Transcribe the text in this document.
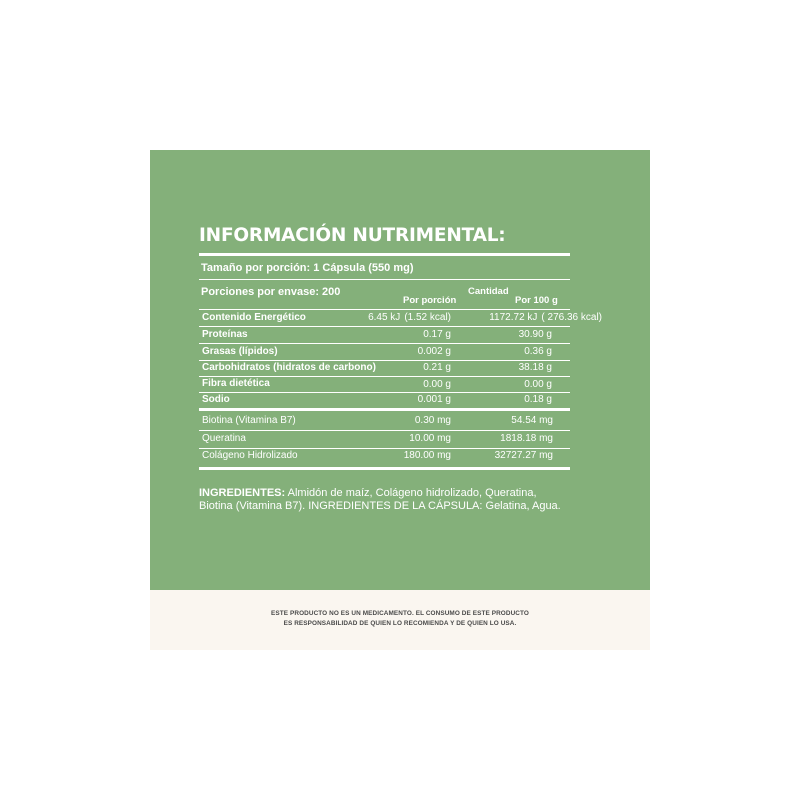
INFORMACIÓN NUTRIMENTAL:
Tamaño por porción: 1 Cápsula (550 mg)
Porciones por envase: 200	Cantidad
Por porción	Por 100 g
Contenido Energético	6.45 kJ (1.52 kcal)	1172.72 kJ ( 276.36 kcal)
Proteínas	0.17 g	30.90 g
Grasas (lípidos)	0.002 g	0.36 g
Carbohidratos (hidratos de carbono)	0.21 g	38.18 g
Fibra dietética	0.00 g	0.00 g
Sodio	0.001 g	0.18 g
Biotina (Vitamina B7)	0.30 mg	54.54 mg
Queratina	10.00 mg	1818.18 mg
Colágeno Hidrolizado	180.00 mg	32727.27 mg
INGREDIENTES: Almidón de maíz, Colágeno hidrolizado, Queratina,
Biotina (Vitamina B7). INGREDIENTES DE LA CÁPSULA: Gelatina, Agua.
ESTE PRODUCTO NO ES UN MEDICAMENTO. EL CONSUMO DE ESTE PRODUCTO
ES RESPONSABILIDAD DE QUIEN LO RECOMIENDA Y DE QUIEN LO USA.
